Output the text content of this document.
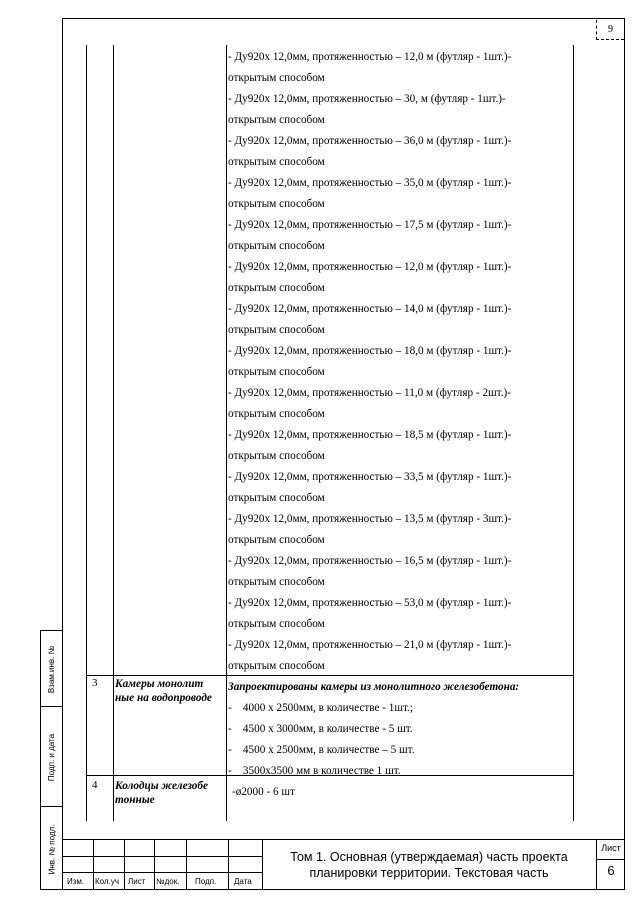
9
Взам.инв. №
Подп. и дата
Инв. № подл.
- Ду920х 12,0мм, протяженностью – 12,0 м (футляр - 1шт.)-
открытым способом
- Ду920х 12,0мм, протяженностью – 30, м (футляр - 1шт.)-
открытым способом
- Ду920х 12,0мм, протяженностью – 36,0 м (футляр - 1шт.)-
открытым способом
- Ду920х 12,0мм, протяженностью – 35,0 м (футляр - 1шт.)-
открытым способом
- Ду920х 12,0мм, протяженностью – 17,5 м (футляр - 1шт.)-
открытым способом
- Ду920х 12,0мм, протяженностью – 12,0 м (футляр - 1шт.)-
открытым способом
- Ду920х 12,0мм, протяженностью – 14,0 м (футляр - 1шт.)-
открытым способом
- Ду920х 12,0мм, протяженностью – 18,0 м (футляр - 1шт.)-
открытым способом
- Ду920х 12,0мм, протяженностью – 11,0 м (футляр - 2шт.)-
открытым способом
- Ду920х 12,0мм, протяженностью – 18,5 м (футляр - 1шт.)-
открытым способом
- Ду920х 12,0мм, протяженностью – 33,5 м (футляр - 1шт.)-
открытым способом
- Ду920х 12,0мм, протяженностью – 13,5 м (футляр - 3шт.)-
открытым способом
- Ду920х 12,0мм, протяженностью – 16,5 м (футляр - 1шт.)-
открытым способом
- Ду920х 12,0мм, протяженностью – 53,0 м (футляр - 1шт.)-
открытым способом
- Ду920х 12,0мм, протяженностью – 21,0 м (футляр - 1шт.)-
открытым способом
3 Камеры монолит
ные на водопроводе
Запроектированы камеры из монолитного железобетона:
- 4000 х 2500мм, в количестве - 1шт.;
- 4500 х 3000мм, в количестве - 5 шт.
- 4500 х 2500мм, в количестве – 5 шт.
- 3500х3500 мм в количестве 1 шт.
4 Колодцы железобе
тонные
-ø2000 - 6 шт
Изм. Кол.уч Лист №док. Подп. Дата
Том 1. Основная (утверждаемая) часть проекта
планировки территории. Текстовая часть
Лист
6
